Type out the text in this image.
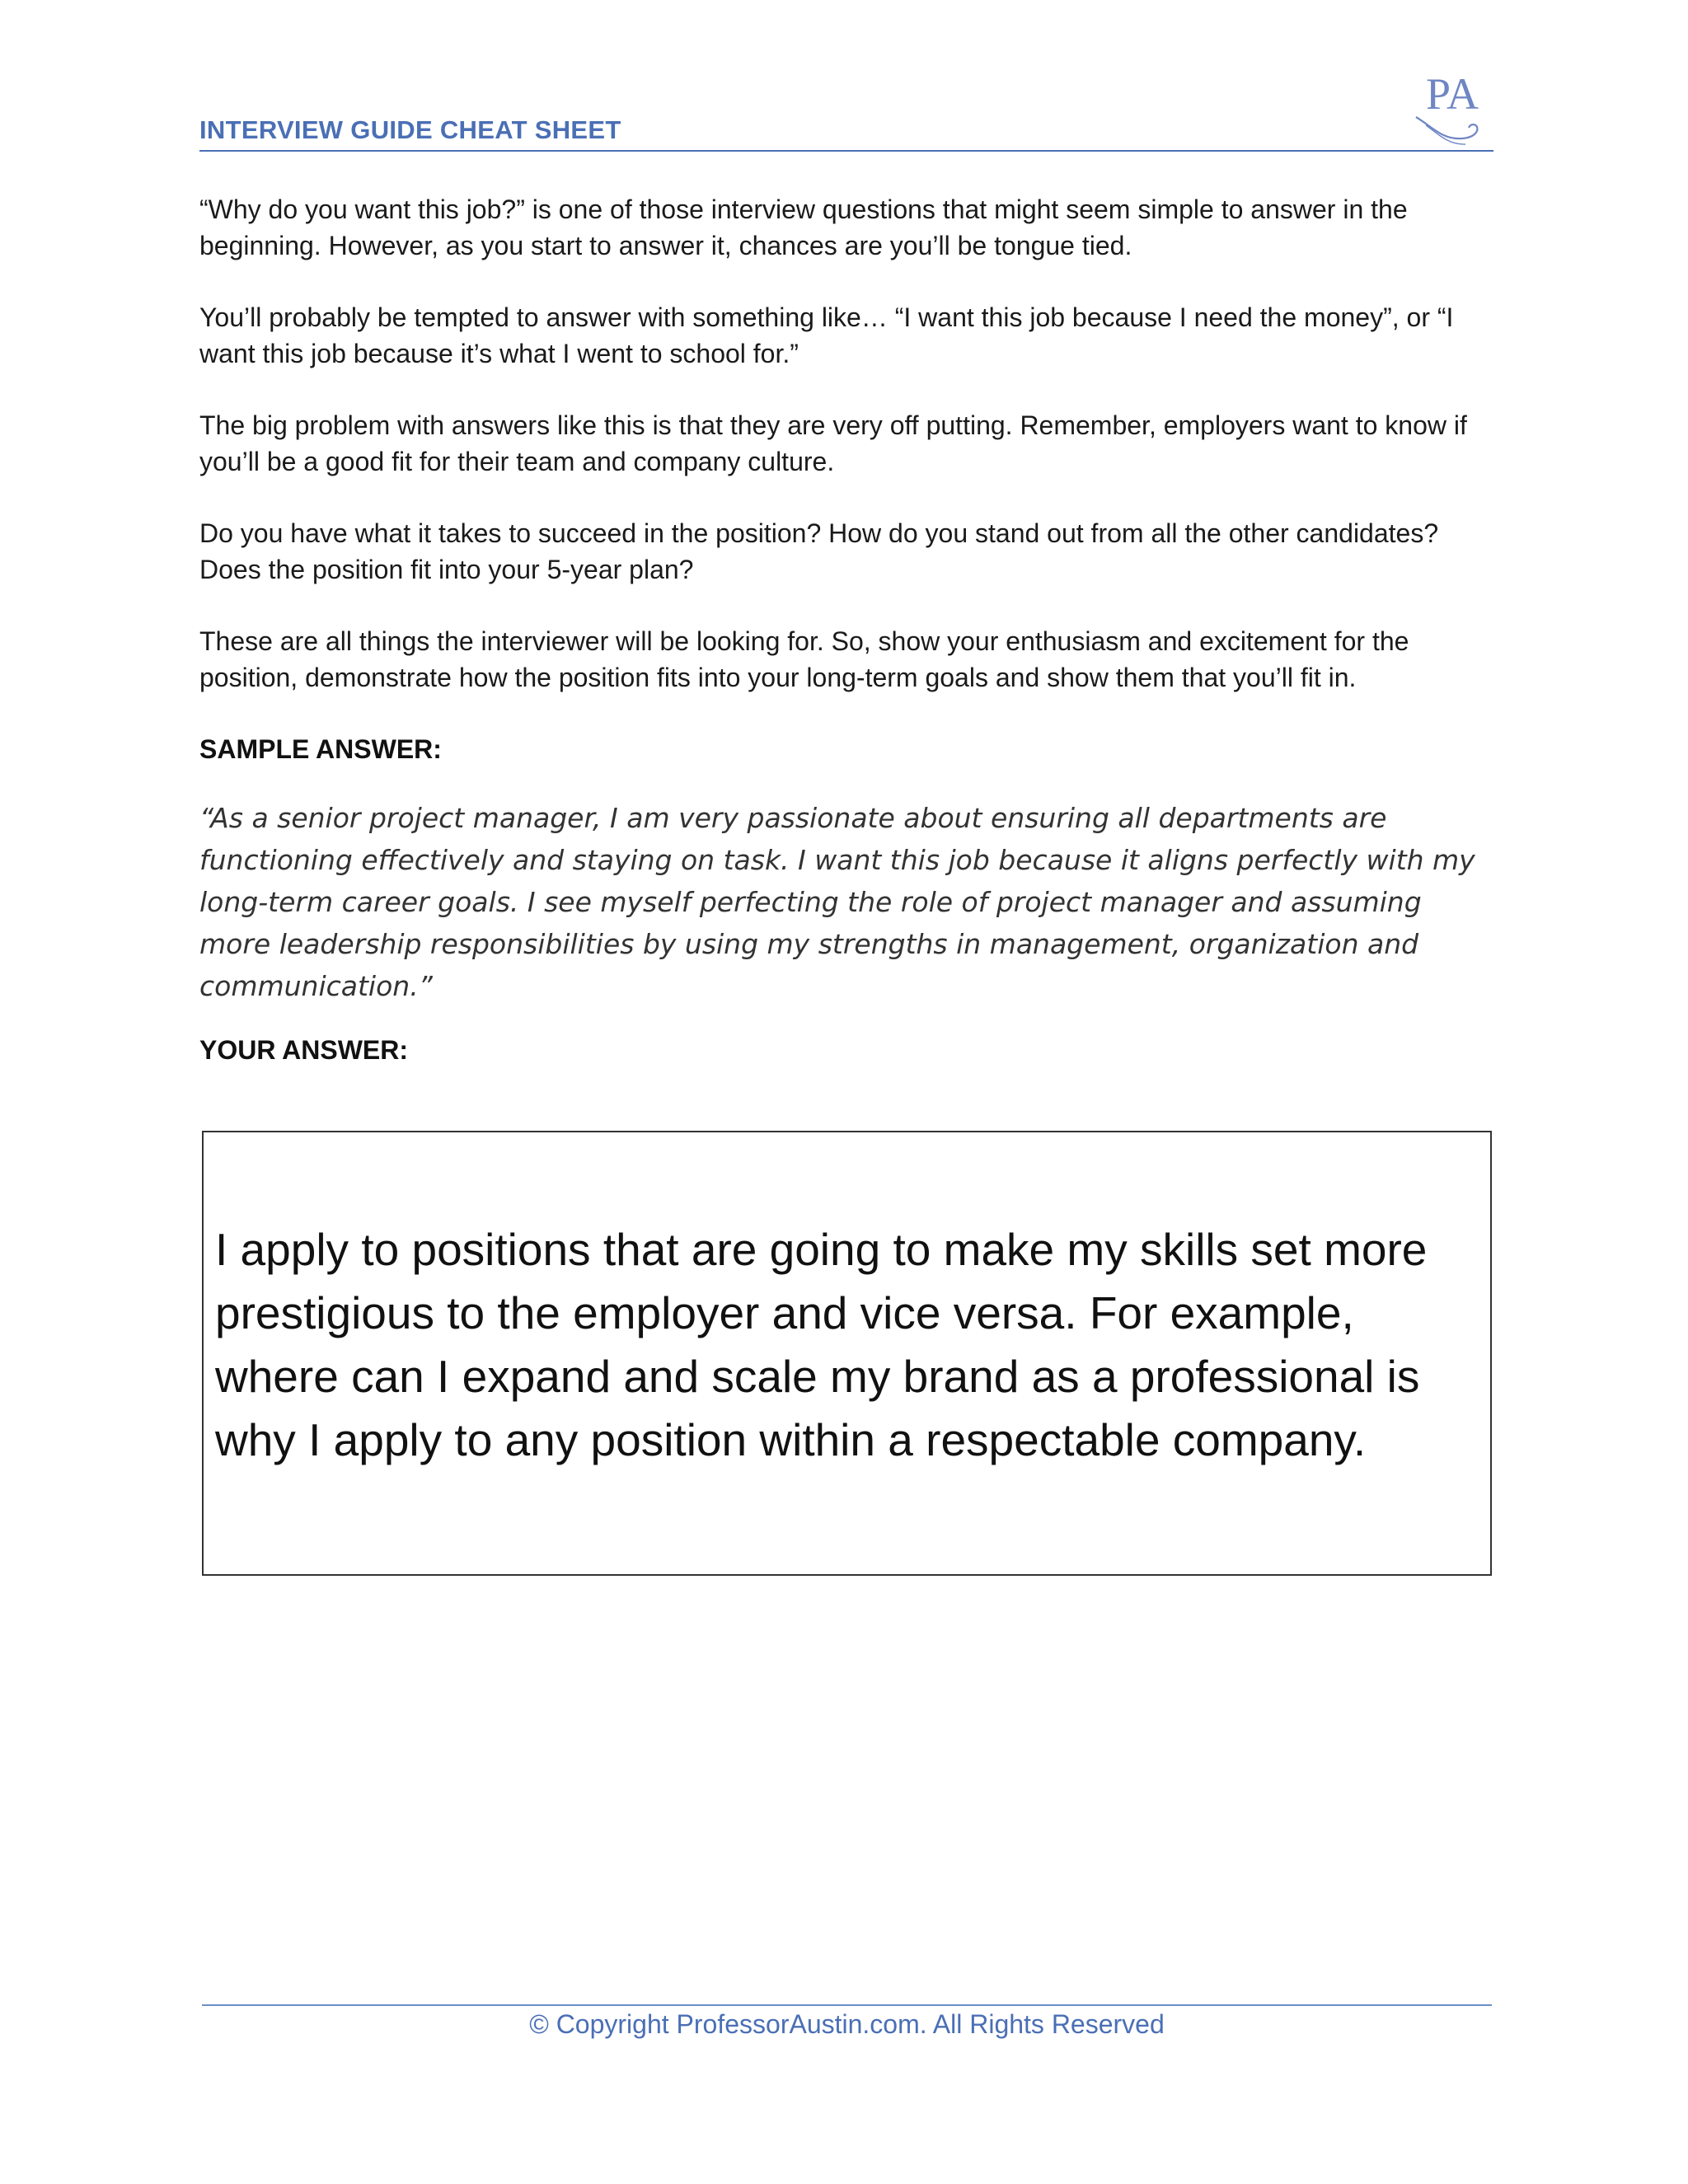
INTERVIEW GUIDE CHEAT SHEET
PA

“Why do you want this job?” is one of those interview questions that might seem simple to answer in the beginning. However, as you start to answer it, chances are you’ll be tongue tied.

You’ll probably be tempted to answer with something like… “I want this job because I need the money”, or “I want this job because it’s what I went to school for.”

The big problem with answers like this is that they are very off putting. Remember, employers want to know if you’ll be a good fit for their team and company culture.

Do you have what it takes to succeed in the position? How do you stand out from all the other candidates? Does the position fit into your 5-year plan?

These are all things the interviewer will be looking for. So, show your enthusiasm and excitement for the position, demonstrate how the position fits into your long-term goals and show them that you’ll fit in.

SAMPLE ANSWER:

“As a senior project manager, I am very passionate about ensuring all departments are functioning effectively and staying on task. I want this job because it aligns perfectly with my long-term career goals. I see myself perfecting the role of project manager and assuming more leadership responsibilities by using my strengths in management, organization and communication.”

YOUR ANSWER:
I apply to positions that are going to make my skills set more prestigious to the employer and vice versa. For example, where can I expand and scale my brand as a professional is why I apply to any position within a respectable company.
© Copyright ProfessorAustin.com. All Rights Reserved
